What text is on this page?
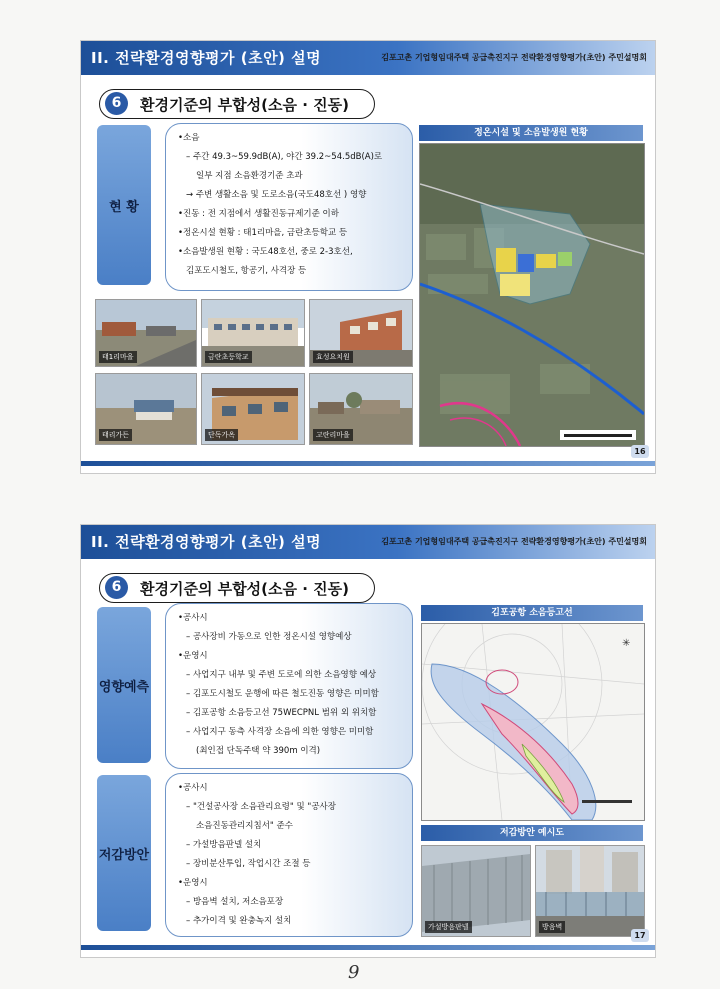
II. 전략환경영향평가 (초안) 설명	김포고촌 기업형임대주택 공급촉진지구 전략환경영향평가(초안) 주민설명회
6	환경기준의 부합성(소음 · 진동)
현 황
•소음
– 주간 49.3~59.9dB(A), 야간 39.2~54.5dB(A)로
일부 지점 소음환경기준 초과
→ 주변 생활소음 및 도로소음(국도48호선 ) 영향
•진동 : 전 지점에서 생활진동규제기준 이하
•정온시설 현황 : 태1리마을, 금란초등학교 등
•소음발생원 현황 : 국도48호선, 중로 2-3호선,
김포도시철도, 항공기, 사격장 등
태1리마을	금란초등학교	효성요치원
태리가든	단독가옥	고란리마을
정온시설 및 소음발생원 현황
16
II. 전략환경영향평가 (초안) 설명	김포고촌 기업형임대주택 공급촉진지구 전략환경영향평가(초안) 주민설명회
6	환경기준의 부합성(소음 · 진동)
영향예측
•공사시
– 공사장비 가동으로 인한 정온시설 영향예상
•운영시
– 사업지구 내부 및 주변 도로에 의한 소음영향 예상
– 김포도시철도 운행에 따른 철도진동 영향은 미미함
– 김포공항 소음등고선 75WECPNL 범위 외 위치함
– 사업지구 동측 사격장 소음에 의한 영향은 미미함
(최인접 단독주택 약 390m 이격)
저감방안
•공사시
– "건설공사장 소음관리요령" 및 "공사장
소음진동관리지침서" 준수
– 가설방음판넬 설치
– 장비분산투입, 작업시간 조절 등
•운영시
– 방음벽 설치, 저소음포장
– 추가이격 및 완충녹지 설치
김포공항 소음등고선
✳
저감방안 예시도
가설방음판넬	방음벽
17
9
